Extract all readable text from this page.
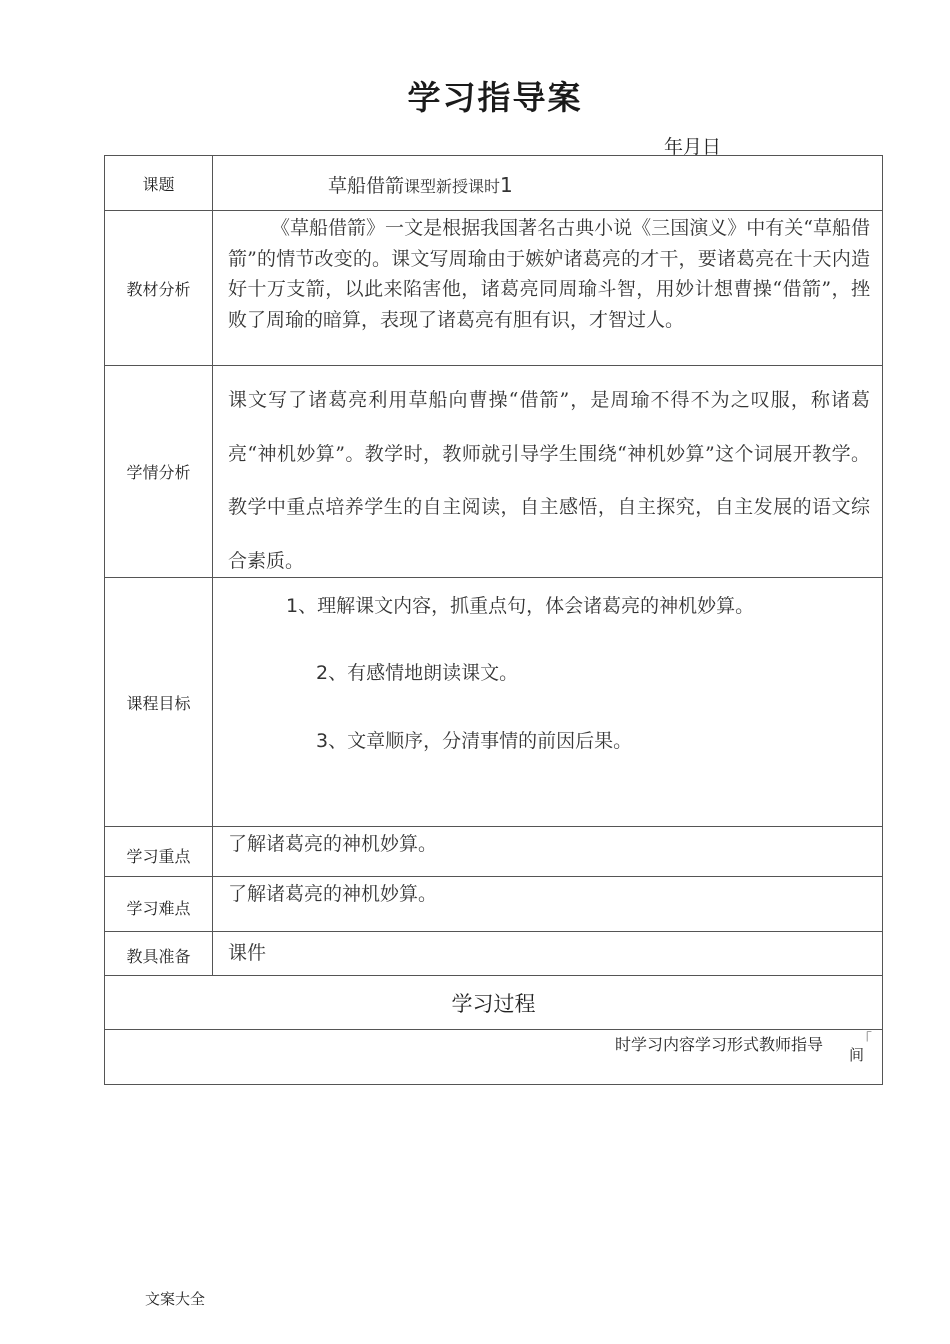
学习指导案
年月日
课题	草船借箭课型新授课时1
教材分析
《草船借箭》一文是根据我国著名古典小说《三国演义》中有关“草船借箭”的情节改变的。课文写周瑜由于嫉妒诸葛亮的才干，要诸葛亮在十天内造好十万支箭，以此来陷害他，诸葛亮同周瑜斗智，用妙计想曹操“借箭”，挫败了周瑜的暗算，表现了诸葛亮有胆有识，才智过人。
学情分析
课文写了诸葛亮利用草船向曹操“借箭”，是周瑜不得不为之叹服，称诸葛亮“神机妙算”。教学时，教师就引导学生围绕“神机妙算”这个词展开教学。教学中重点培养学生的自主阅读，自主感悟，自主探究，自主发展的语文综合素质。
课程目标
1、理解课文内容，抓重点句，体会诸葛亮的神机妙算。
2、有感情地朗读课文。
3、文章顺序，分清事情的前因后果。
学习重点
了解诸葛亮的神机妙算。
学习难点
了解诸葛亮的神机妙算。
教具准备	课件
学习过程
时学习内容学习形式教师指导 「
间
文案大全
